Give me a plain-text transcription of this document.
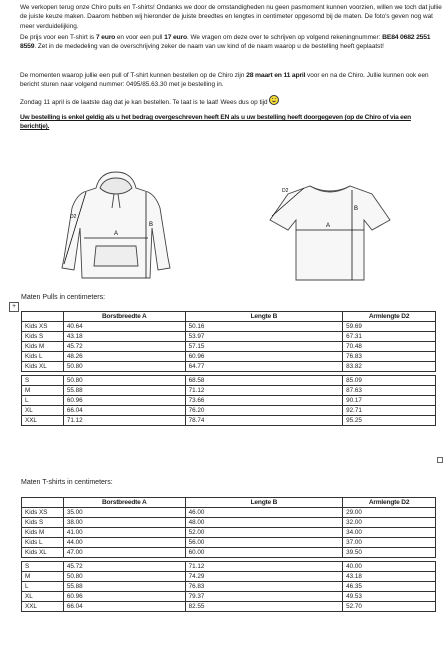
We verkopen terug onze Chiro pulls en T-shirts! Ondanks we door de omstandigheden nu geen pasmoment kunnen voorzien, willen we toch dat jullie de juiste keuze maken. Daarom hebben wij hieronder de juiste breedtes en lengtes in centimeter opgesomd bij de maten. De foto's geven nog wat meer verduidelijking.
De prijs voor een T-shirt is 7 euro en voor een pull 17 euro. We vragen om deze over te schrijven op volgend rekeningnummer: BE84 0682 2551 8559. Zet in de mededeling van de overschrijving zeker de naam van uw kind of de naam waarop u de bestelling heeft geplaatst!
De momenten waarop jullie een pull of T-shirt kunnen bestellen op de Chiro zijn 28 maart en 11 april voor en na de Chiro. Jullie kunnen ook een bericht sturen naar volgend nummer: 0495/85.63.30 met je bestelling in.
Zondag 11 april is de laatste dag dat je kan bestellen. Te laat is te laat! Wees dus op tijd
Uw bestelling is enkel geldig als u het bedrag overgeschreven heeft EN als u uw bestelling heeft doorgegeven (op de Chiro of via een berichtje).
A
B
D2
A
B
D2
+
Maten Pulls in centimeters:
	Borstbreedte A	Lengte B	Armlengte D2
Kids XS	40.64	50.16	59.69
Kids S	43.18	53.97	67.31
Kids M	45.72	57.15	70.48
Kids L	48.26	60.96	76.83
Kids XL	50.80	64.77	83.82

S	50.80	68.58	85.09
M	55.88	71.12	87.63
L	60.96	73.66	90.17
XL	66.04	76.20	92.71
XXL	71.12	78.74	95.25
Maten T-shirts in centimeters:
	Borstbreedte A	Lengte B	Armlengte D2
Kids XS	35.00	46.00	29.00
Kids S	38.00	48.00	32.00
Kids M	41.00	52.00	34.00
Kids L	44.00	56.00	37.00
Kids XL	47.00	60.00	39.50

S	45.72	71.12	40.00
M	50.80	74.29	43.18
L	55.88	76.83	46.35
XL	60.96	79.37	49.53
XXL	66.04	82.55	52.70
